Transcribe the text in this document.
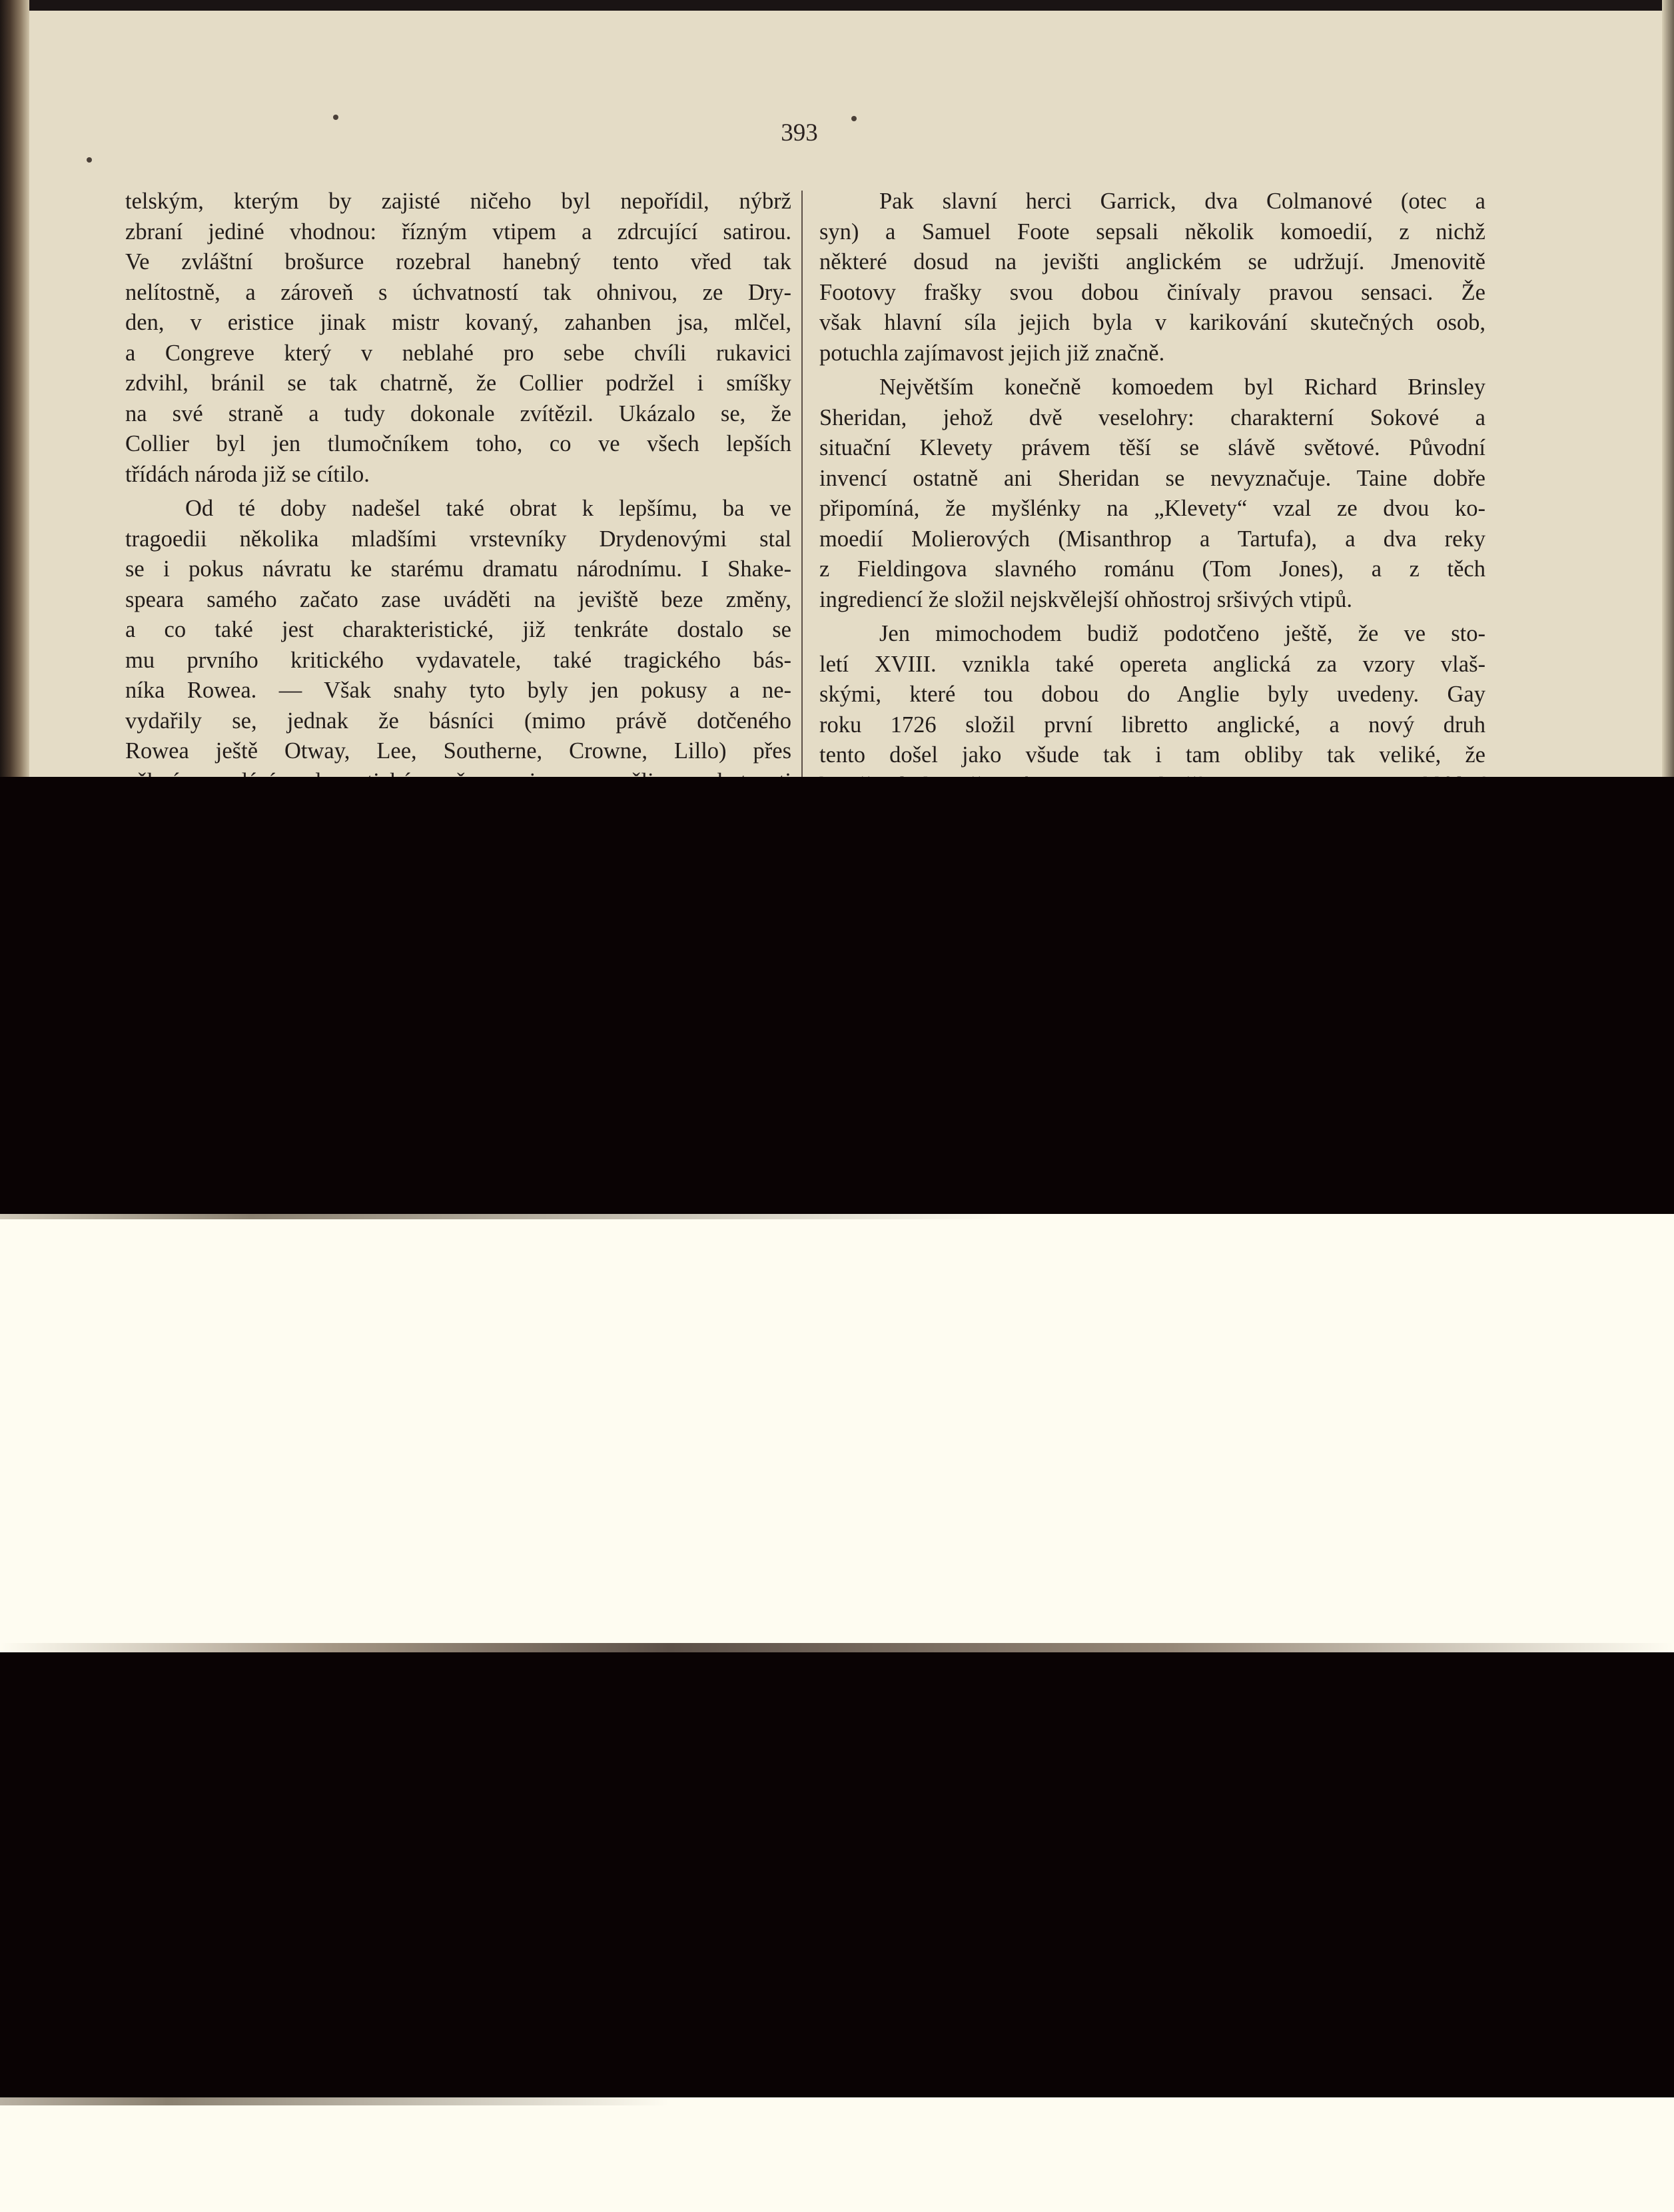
393

telským, kterým by zajisté ničeho byl nepořídil, nýbrž

zbraní jediné vhodnou: řízným vtipem a zdrcující satirou.

Ve zvláštní brošurce rozebral hanebný tento vřed tak

nelítostně, a zároveň s úchvatností tak ohnivou, ze Dry-

den, v eristice jinak mistr kovaný, zahanben jsa, mlčel,

a Congreve který v neblahé pro sebe chvíli rukavici

zdvihl, bránil se tak chatrně, že Collier podržel i smíšky

na své straně a tudy dokonale zvítězil. Ukázalo se, že

Collier byl jen tlumočníkem toho, co ve všech lepších

třídách národa již se cítilo.

Od té doby nadešel také obrat k lepšímu, ba ve

tragoedii několika mladšími vrstevníky Drydenovými stal

se i pokus návratu ke starému dramatu národnímu. I Shake-

speara samého začato zase uváděti na jeviště beze změny,

a co také jest charakteristické, již tenkráte dostalo se

mu prvního kritického vydavatele, také tragického bás-

níka Rowea. — Však snahy tyto byly jen pokusy a ne-

vydařily se, jednak že básníci (mimo právě dotčeného

Rowea ještě Otway, Lee, Southerne, Crowne, Lillo) přes

Pak slavní herci Garrick, dva Colmanové (otec a

syn) a Samuel Foote sepsali několik komoedií, z nichž

některé dosud na jevišti anglickém se udržují. Jmenovitě

Footovy frašky svou dobou činívaly pravou sensaci. Že

však hlavní síla jejich byla v karikování skutečných osob,

potuchla zajímavost jejich již značně.

Největším konečně komoedem byl Richard Brinsley

Sheridan, jehož dvě veselohry: charakterní Sokové a

situační Klevety právem těší se slávě světové. Původní

invencí ostatně ani Sheridan se nevyznačuje. Taine dobře

připomíná, že myšlénky na „Klevety“ vzal ze dvou ko-

moedií Molierových (Misanthrop a Tartufa), a dva reky

z Fieldingova slavného románu (Tom Jones), a z těch

ingrediencí že složil nejskvělejší ohňostroj sršivých vtipů.

Jen mimochodem budiž podotčeno ještě, že ve sto-

letí XVIII. vznikla také opereta anglická za vzory vlaš-

skými, které tou dobou do Anglie byly uvedeny. Gay

roku 1726 složil první libretto anglické, a nový druh

tento došel jako všude tak i tam obliby tak veliké, že
